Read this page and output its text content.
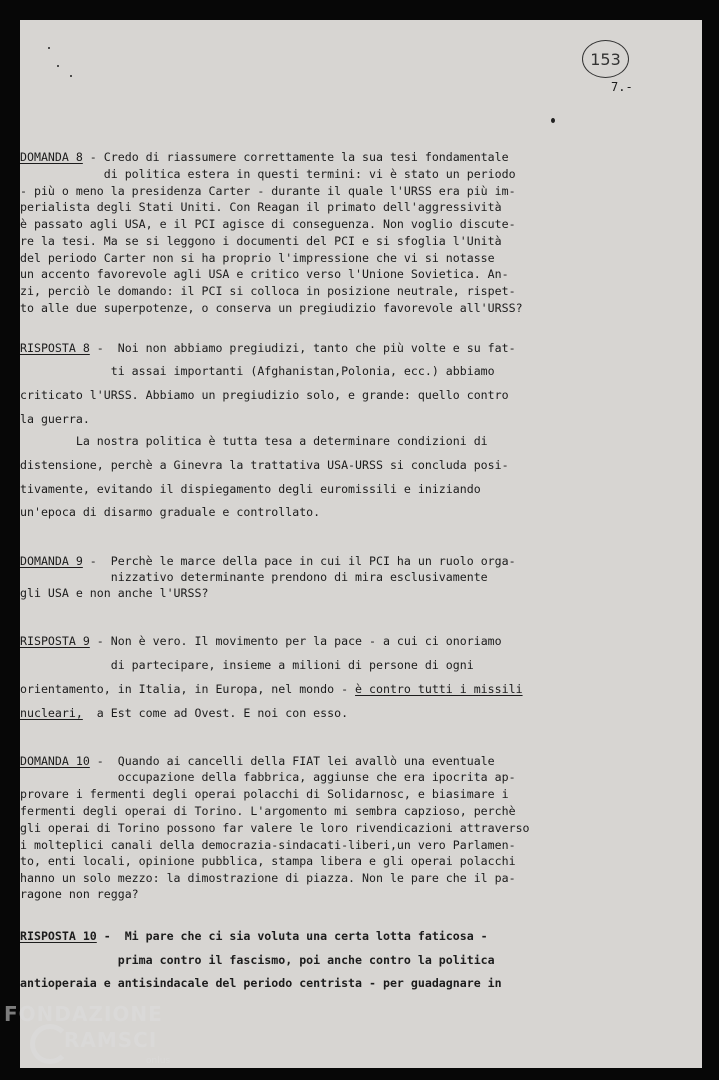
153
7.-

DOMANDA 8 - Credo di riassumere correttamente la sua tesi fondamentale

di politica estera in questi termini: vi è stato un periodo

- più o meno la presidenza Carter - durante il quale l'URSS era più im-

perialista degli Stati Uniti. Con Reagan il primato dell'aggressività

è passato agli USA, e il PCI agisce di conseguenza. Non voglio discute-

re la tesi. Ma se si leggono i documenti del PCI e si sfoglia l'Unità

del periodo Carter non si ha proprio l'impressione che vi si notasse

un accento favorevole agli USA e critico verso l'Unione Sovietica. An-

zi, perciò le domando: il PCI si colloca in posizione neutrale, rispet-

to alle due superpotenze, o conserva un pregiudizio favorevole all'URSS?

RISPOSTA 8 -  Noi non abbiamo pregiudizi, tanto che più volte e su fat-

ti assai importanti (Afghanistan,Polonia, ecc.) abbiamo

criticato l'URSS. Abbiamo un pregiudizio solo, e grande: quello contro

la guerra.

La nostra politica è tutta tesa a determinare condizioni di

distensione, perchè a Ginevra la trattativa USA-URSS si concluda posi-

tivamente, evitando il dispiegamento degli euromissili e iniziando

un'epoca di disarmo graduale e controllato.

DOMANDA 9 -  Perchè le marce della pace in cui il PCI ha un ruolo orga-

nizzativo determinante prendono di mira esclusivamente

gli USA e non anche l'URSS?

RISPOSTA 9 - Non è vero. Il movimento per la pace - a cui ci onoriamo

di partecipare, insieme a milioni di persone di ogni

orientamento, in Italia, in Europa, nel mondo - è contro tutti i missili

nucleari,  a Est come ad Ovest. E noi con esso.

DOMANDA 10 -  Quando ai cancelli della FIAT lei avallò una eventuale

occupazione della fabbrica, aggiunse che era ipocrita ap-

provare i fermenti degli operai polacchi di Solidarnosc, e biasimare i

fermenti degli operai di Torino. L'argomento mi sembra capzioso, perchè

gli operai di Torino possono far valere le loro rivendicazioni attraverso

i molteplici canali della democrazia-sindacati-liberi,un vero Parlamen-

to, enti locali, opinione pubblica, stampa libera e gli operai polacchi

hanno un solo mezzo: la dimostrazione di piazza. Non le pare che il pa-

ragone non regga?

RISPOSTA 10 -  Mi pare che ci sia voluta una certa lotta faticosa -

prima contro il fascismo, poi anche contro la politica

antioperaia e antisindacale del periodo centrista - per guadagnare in

FONDAZIONE
RAMSCI
onlus
